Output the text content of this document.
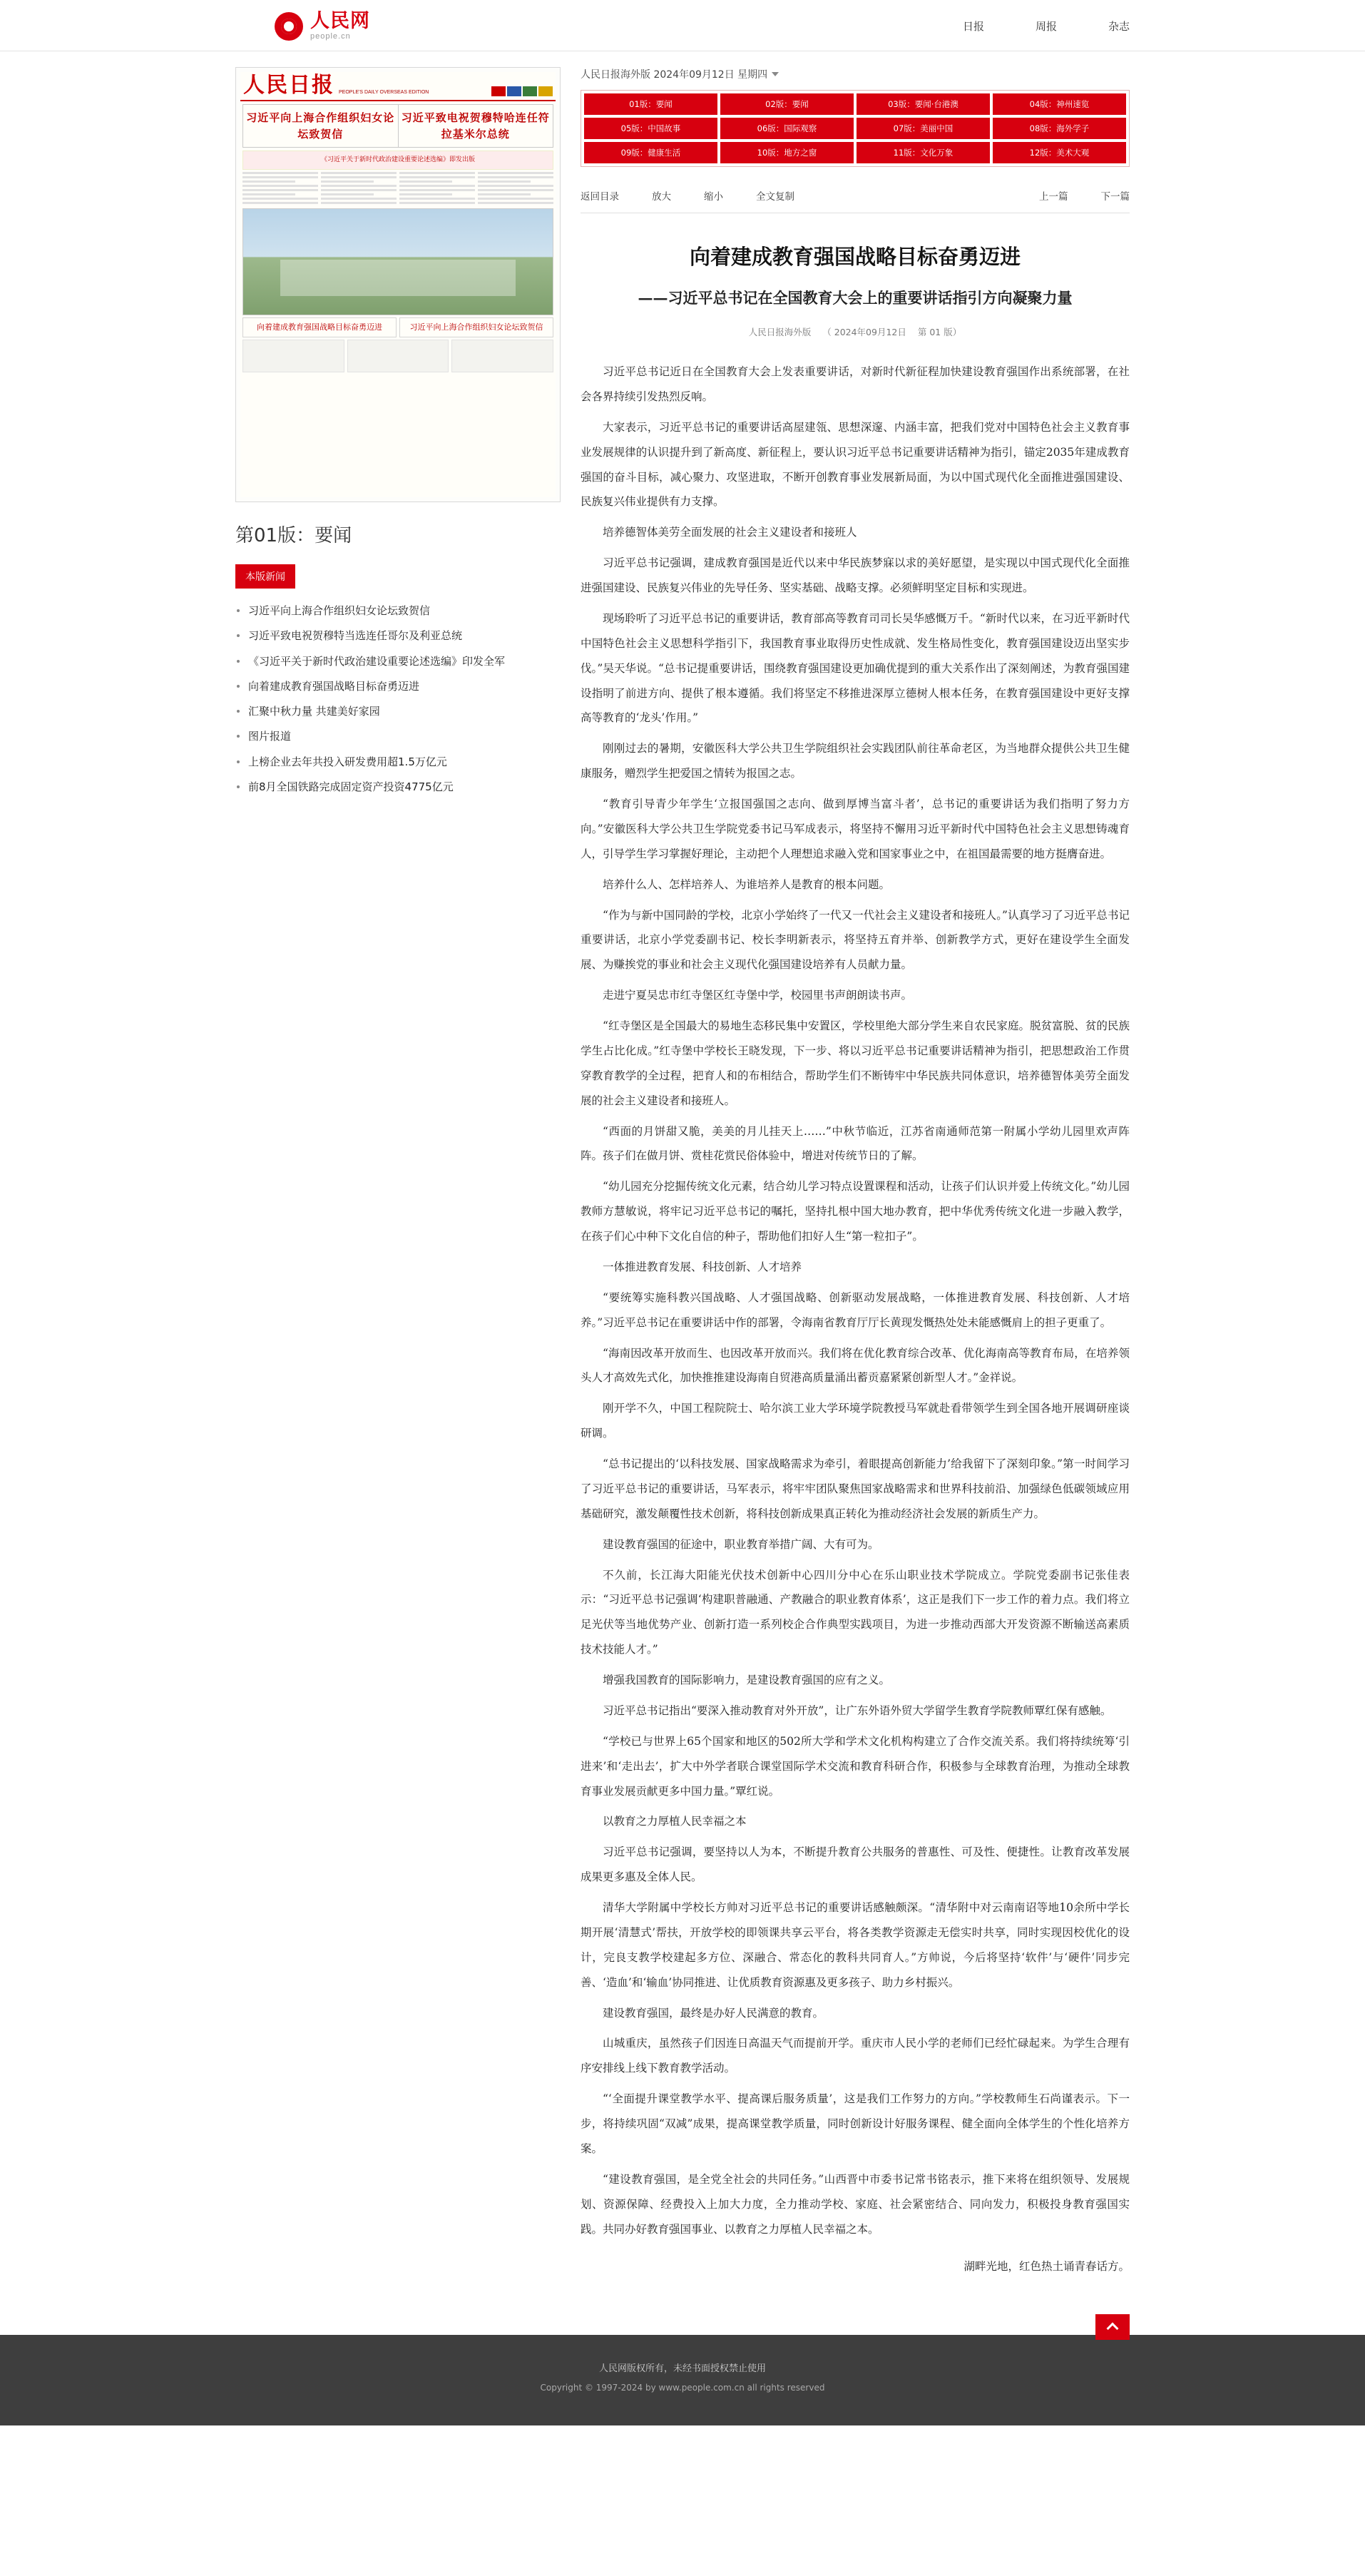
人民网
people.cn
日报	周报	杂志
人民日报 PEOPLE'S DAILY OVERSEAS EDITION
习近平向上海合作组织妇女论坛致贺信
习近平致电祝贺穆特哈连任符拉基米尔总统
《习近平关于新时代政治建设重要论述选编》即发出版
向着建成教育强国战略目标奋勇迈进	习近平向上海合作组织妇女论坛致贺信
第01版：要闻
本版新闻
习近平向上海合作组织妇女论坛致贺信
习近平致电祝贺穆特当选连任哥尔及利亚总统
《习近平关于新时代政治建设重要论述选编》印发全军
向着建成教育强国战略目标奋勇迈进
汇聚中秋力量 共建美好家园
图片报道
上榜企业去年共投入研发费用超1.5万亿元
前8月全国铁路完成固定资产投资4775亿元
人民日报海外版 2024年09月12日 星期四
01版：要闻	02版：要闻	03版：要闻·台港澳	04版：神州速览
05版：中国故事	06版：国际观察	07版：美丽中国	08版：海外学子
09版：健康生活	10版：地方之窗	11版：文化万象	12版：美术大观
返回目录	放大	缩小	全文复制	上一篇	下一篇
向着建成教育强国战略目标奋勇迈进
——习近平总书记在全国教育大会上的重要讲话指引方向凝聚力量
人民日报海外版 （ 2024年09月12日 第 01 版）

习近平总书记近日在全国教育大会上发表重要讲话，对新时代新征程加快建设教育强国作出系统部署，在社会各界持续引发热烈反响。

大家表示，习近平总书记的重要讲话高屋建瓴、思想深邃、内涵丰富，把我们党对中国特色社会主义教育事业发展规律的认识提升到了新高度、新征程上，要认识习近平总书记重要讲话精神为指引，锚定2035年建成教育强国的奋斗目标，减心聚力、攻坚进取，不断开创教育事业发展新局面，为以中国式现代化全面推进强国建设、民族复兴伟业提供有力支撑。

培养德智体美劳全面发展的社会主义建设者和接班人

习近平总书记强调，建成教育强国是近代以来中华民族梦寐以求的美好愿望，是实现以中国式现代化全面推进强国建设、民族复兴伟业的先导任务、坚实基础、战略支撑。必须鲜明坚定目标和实现进。

现场聆听了习近平总书记的重要讲话，教育部高等教育司司长吴华感慨万千。“新时代以来，在习近平新时代中国特色社会主义思想科学指引下，我国教育事业取得历史性成就、发生格局性变化，教育强国建设迈出坚实步伐。”吴天华说。“总书记提重要讲话，围绕教育强国建设更加确优提到的重大关系作出了深刻阐述，为教育强国建设指明了前进方向、提供了根本遵循。我们将坚定不移推进深厚立德树人根本任务，在教育强国建设中更好支撑高等教育的‘龙头’作用。”

刚刚过去的暑期，安徽医科大学公共卫生学院组织社会实践团队前往革命老区，为当地群众提供公共卫生健康服务，赠烈学生把爱国之情转为报国之志。

“教育引导青少年学生‘立报国强国之志向、做到厚博当富斗者’，总书记的重要讲话为我们指明了努力方向。”安徽医科大学公共卫生学院党委书记马军成表示，将坚持不懈用习近平新时代中国特色社会主义思想铸魂育人，引导学生学习掌握好理论，主动把个人理想追求融入党和国家事业之中，在祖国最需要的地方挺膺奋进。

培养什么人、怎样培养人、为谁培养人是教育的根本问题。

“作为与新中国同龄的学校，北京小学始终了一代又一代社会主义建设者和接班人。”认真学习了习近平总书记重要讲话，北京小学党委副书记、校长李明新表示，将坚持五育并举、创新教学方式，更好在建设学生全面发展、为赚挨党的事业和社会主义现代化强国建设培养有人员献力量。

走进宁夏吴忠市红寺堡区红寺堡中学，校园里书声朗朗读书声。

“红寺堡区是全国最大的易地生态移民集中安置区，学校里绝大部分学生来自农民家庭。脱贫富脱、贫的民族学生占比化成。”红寺堡中学校长王晓发现，下一步、将以习近平总书记重要讲话精神为指引，把思想政治工作贯穿教育教学的全过程，把育人和的布相结合，帮助学生们不断铸牢中华民族共同体意识，培养德智体美劳全面发展的社会主义建设者和接班人。

“西面的月饼甜又脆，美美的月儿挂天上……”中秋节临近，江苏省南通师范第一附属小学幼儿园里欢声阵阵。孩子们在做月饼、赏桂花赏民俗体验中，增进对传统节日的了解。

“幼儿园充分挖掘传统文化元素，结合幼儿学习特点设置课程和活动，让孩子们认识并爱上传统文化。”幼儿园教师方慧敏说，将牢记习近平总书记的嘱托，坚持扎根中国大地办教育，把中华优秀传统文化进一步融入教学，在孩子们心中种下文化自信的种子，帮助他们扣好人生“第一粒扣子”。

一体推进教育发展、科技创新、人才培养

“要统筹实施科教兴国战略、人才强国战略、创新驱动发展战略，一体推进教育发展、科技创新、人才培养。”习近平总书记在重要讲话中作的部署，令海南省教育厅厅长黄现发慨热处处未能感慨肩上的担子更重了。

“海南因改革开放而生、也因改革开放而兴。我们将在优化教育综合改革、优化海南高等教育布局，在培养领头人才高效先式化，加快推推建设海南自贸港高质量涌出蓄贡嘉紧紧创新型人才。”金祥说。

刚开学不久，中国工程院院士、哈尔滨工业大学环境学院教授马军就赴看带领学生到全国各地开展调研座谈研调。

“总书记提出的‘以科技发展、国家战略需求为牵引，着眼提高创新能力’给我留下了深刻印象。”第一时间学习了习近平总书记的重要讲话，马军表示，将牢牢团队聚焦国家战略需求和世界科技前沿、加强绿色低碳领域应用基础研究，激发颠覆性技术创新，将科技创新成果真正转化为推动经济社会发展的新质生产力。

建设教育强国的征途中，职业教育举措广阔、大有可为。

不久前，长江海大阳能光伏技术创新中心四川分中心在乐山职业技术学院成立。学院党委副书记张佳表示：“习近平总书记强调‘构建职普融通、产教融合的职业教育体系’，这正是我们下一步工作的着力点。我们将立足光伏等当地优势产业、创新打造一系列校企合作典型实践项目，为进一步推动西部大开发资源不断输送高素质技术技能人才。”

增强我国教育的国际影响力，是建设教育强国的应有之义。

习近平总书记指出“要深入推动教育对外开放”，让广东外语外贸大学留学生教育学院教师覃红保有感触。

“学校已与世界上65个国家和地区的502所大学和学术文化机构构建立了合作交流关系。我们将持续统筹‘引进来’和‘走出去’，扩大中外学者联合课堂国际学术交流和教育科研合作，积极参与全球教育治理，为推动全球教育事业发展贡献更多中国力量。”覃红说。

以教育之力厚植人民幸福之本

习近平总书记强调，要坚持以人为本，不断提升教育公共服务的普惠性、可及性、便捷性。让教育改革发展成果更多惠及全体人民。

清华大学附属中学校长方帅对习近平总书记的重要讲话感触颇深。“清华附中对云南南诏等地10余所中学长期开展‘清慧式’帮扶，开放学校的即领课共享云平台，将各类教学资源走无偿实时共享，同时实现因校优化的设计，完良支教学校建起多方位、深融合、常态化的教科共同育人。”方帅说，今后将坚持‘软件’与‘硬件’同步完善、‘造血’和‘输血’协同推进、让优质教育资源惠及更多孩子、助力乡村振兴。

建设教育强国，最终是办好人民满意的教育。

山城重庆，虽然孩子们因连日高温天气而提前开学。重庆市人民小学的老师们已经忙碌起来。为学生合理有序安排线上线下教育教学活动。

“‘全面提升课堂教学水平、提高课后服务质量’，这是我们工作努力的方向。”学校教师生石尚谨表示。下一步，将持续巩固“双减”成果，提高课堂教学质量，同时创新设计好服务课程、健全面向全体学生的个性化培养方案。

“建设教育强国，是全党全社会的共同任务。”山西晋中市委书记常书铭表示，推下来将在组织领导、发展规划、资源保障、经费投入上加大力度，全力推动学校、家庭、社会紧密结合、同向发力，积极投身教育强国实践。共同办好教育强国事业、以教育之力厚植人民幸福之本。

湖畔光地，红色热土诵青春话方。

人民网版权所有，未经书面授权禁止使用
Copyright © 1997-2024 by www.people.com.cn all rights reserved
